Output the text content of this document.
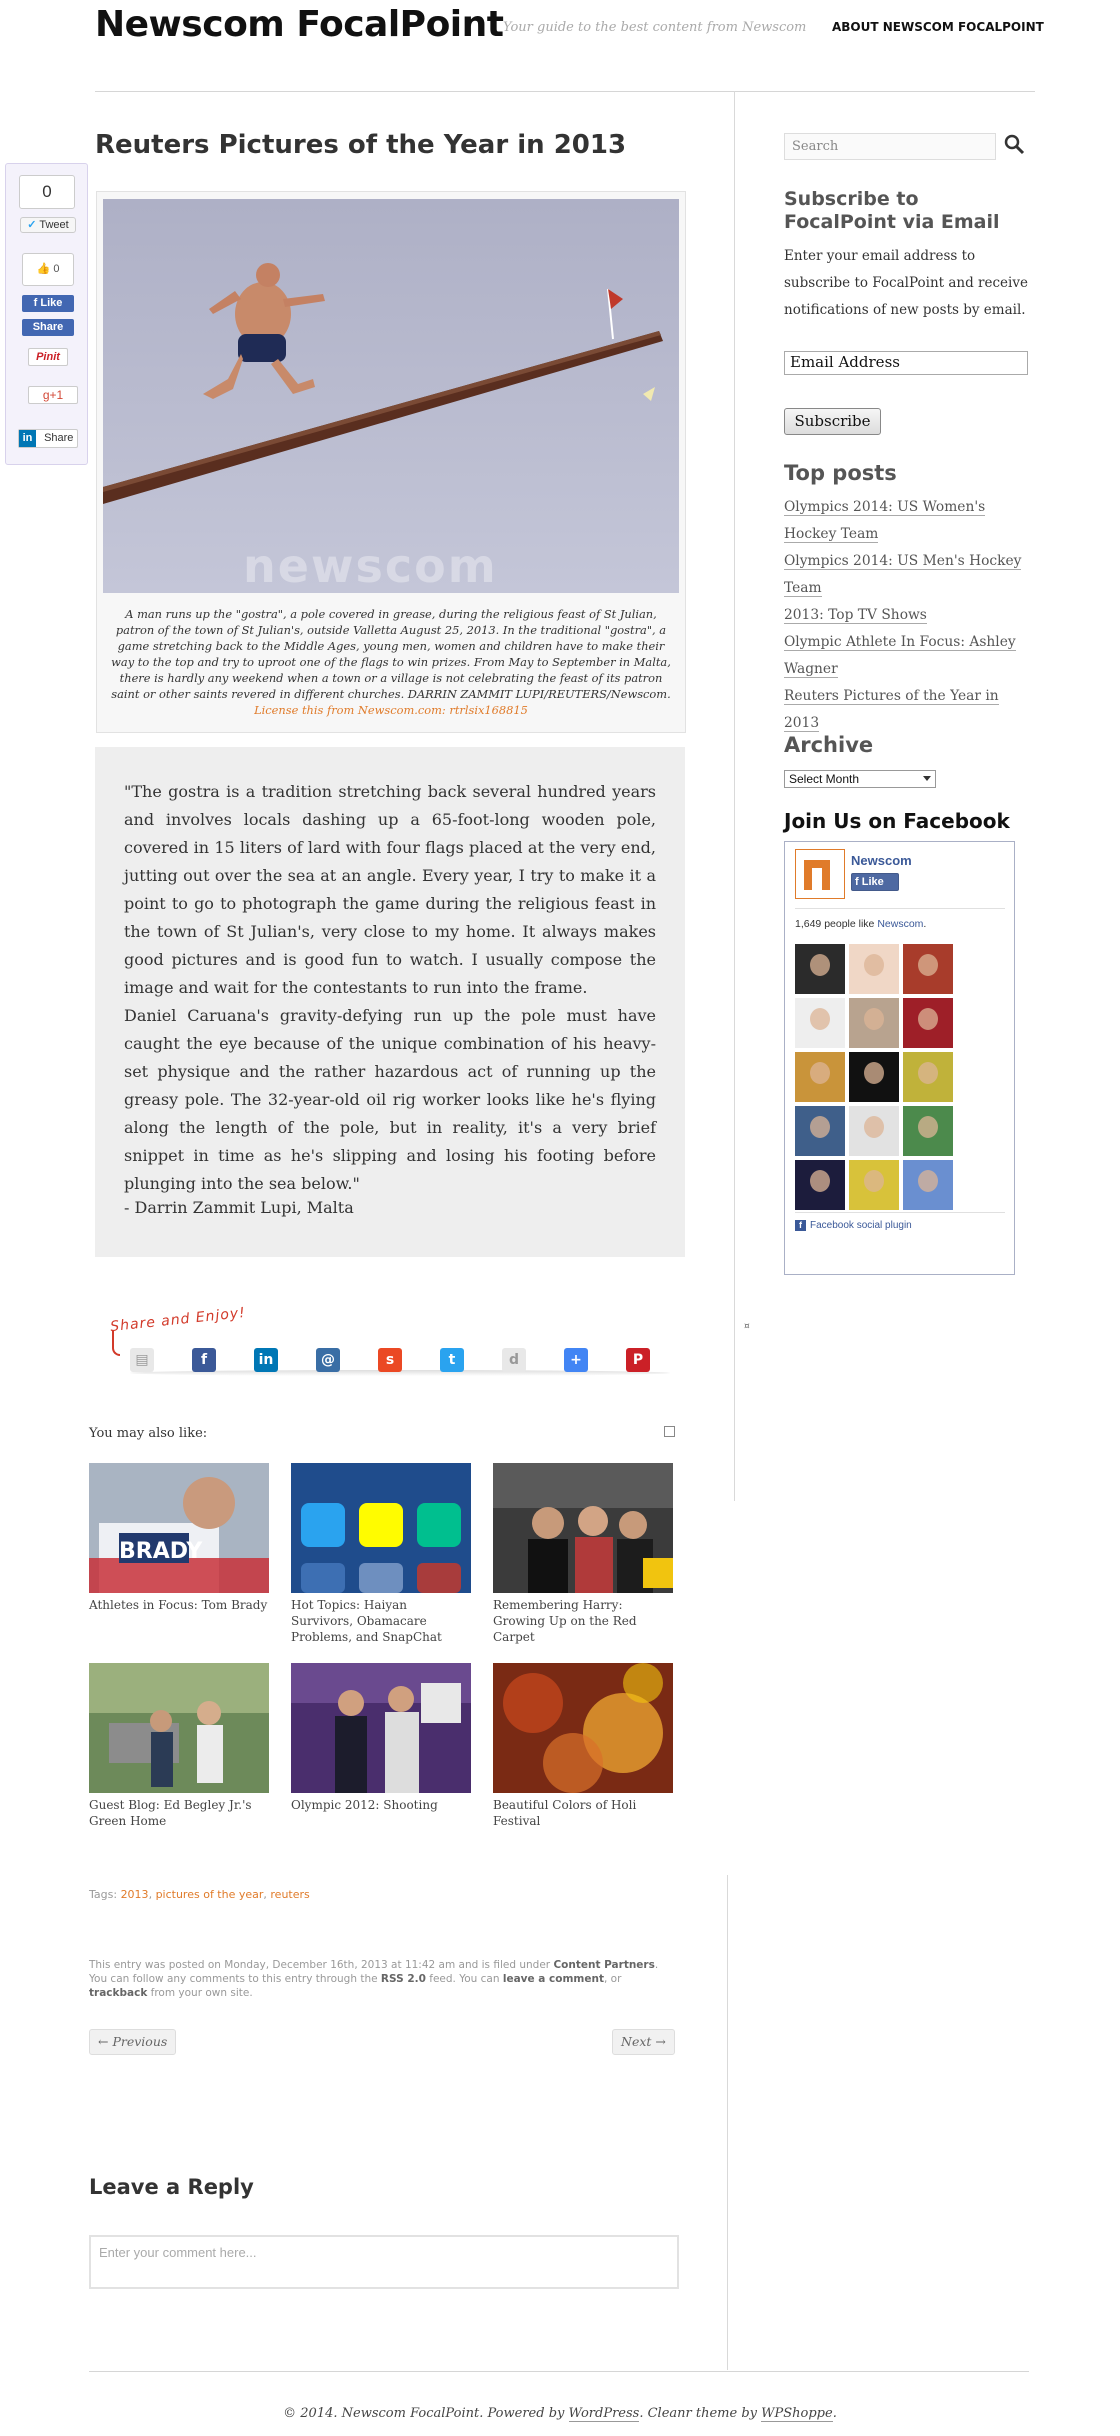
Newscom FocalPoint Your guide to the best content from Newscom ABOUT NEWSCOM FOCALPOINT
0
✓ Tweet
👍 0
f Like
Share
Pinit
g+1
in Share
Reuters Pictures of the Year in 2013
newscom
A man runs up the "gostra", a pole covered in grease, during the religious feast of St Julian, patron of the town of St Julian's, outside Valletta August 25, 2013. In the traditional "gostra", a game stretching back to the Middle Ages, young men, women and children have to make their way to the top and try to uproot one of the flags to win prizes. From May to September in Malta, there is hardly any weekend when a town or a village is not celebrating the feast of its patron saint or other saints revered in different churches. DARRIN ZAMMIT LUPI/REUTERS/Newscom. License this from Newscom.com: rtrlsix168815

"The gostra is a tradition stretching back several hundred years and involves locals dashing up a 65-foot-long wooden pole, covered in 15 liters of lard with four flags placed at the very end, jutting out over the sea at an angle. Every year, I try to make it a point to go to photograph the game during the religious feast in the town of St Julian's, very close to my home. It always makes good pictures and is good fun to watch. I usually compose the image and wait for the contestants to run into the frame.

Daniel Caruana's gravity-defying run up the pole must have caught the eye because of the unique combination of his heavy-set physique and the rather hazardous act of running up the greasy pole. The 32-year-old oil rig worker looks like he's flying along the length of the pole, but in reality, it's a very brief snippet in time as he's slipping and losing his footing before plunging into the sea below."

- Darrin Zammit Lupi, Malta
Share and Enjoy!
▤	f	in	@	s	t	d	+	P
You may also like:
BRADY
Athletes in Focus: Tom Brady Hot Topics: Haiyan Survivors, Obamacare Problems, and SnapChat
Remembering Harry: Growing Up on the Red Carpet
Guest Blog: Ed Begley Jr.'s Green Home
Olympic 2012: Shooting	Beautiful Colors of Holi Festival
Tags: 2013, pictures of the year, reuters
This entry was posted on Monday, December 16th, 2013 at 11:42 am and is filed under Content Partners. You can follow any comments to this entry through the RSS 2.0 feed. You can leave a comment, or trackback from your own site.
← Previous	Next →
Leave a Reply
Enter your comment here...
© 2014. Newscom FocalPoint. Powered by WordPress. Cleanr theme by WPShoppe.
Search
Subscribe to FocalPoint via Email
Enter your email address to subscribe to FocalPoint and receive notifications of new posts by email.
Email Address
Subscribe
Top posts
Olympics 2014: US Women's Hockey Team
Olympics 2014: US Men's Hockey Team
2013: Top TV Shows
Olympic Athlete In Focus: Ashley Wagner
Reuters Pictures of the Year in 2013
Archive
Select Month
Join Us on Facebook
Newscom
f Like
1,649 people like Newscom.
f Facebook social plugin
¤
